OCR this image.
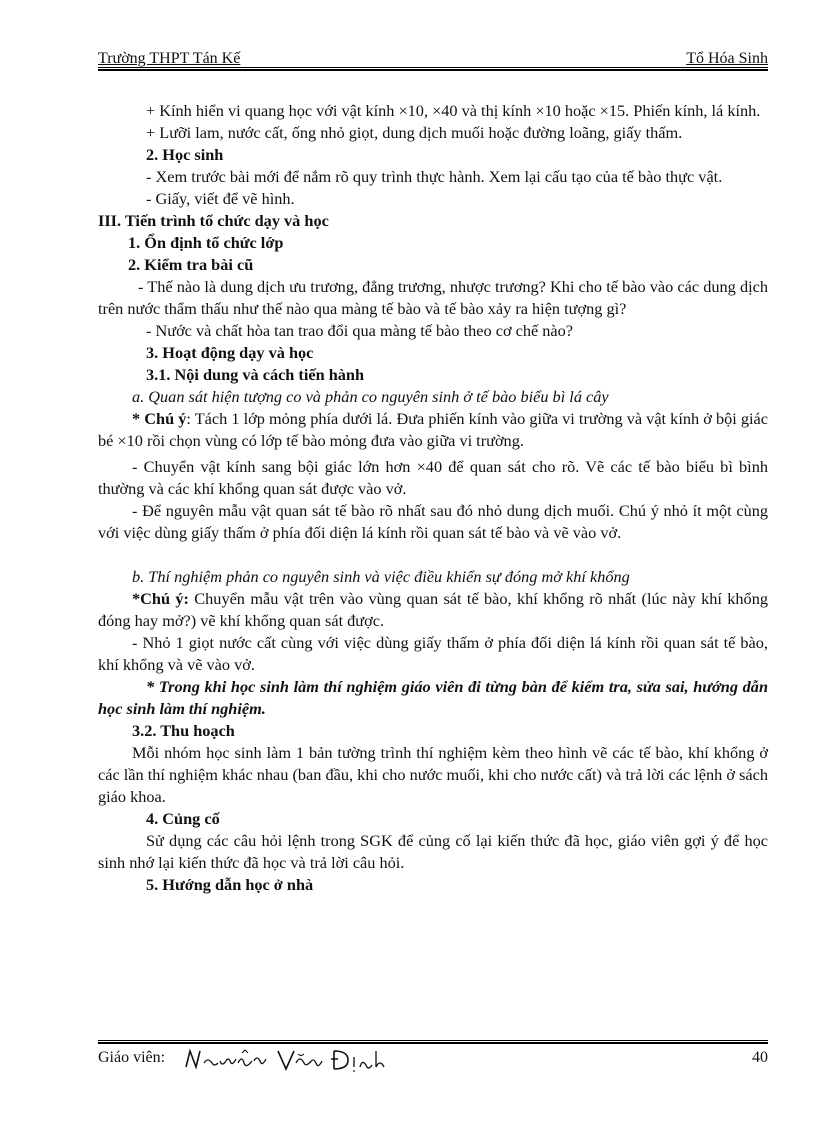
Trường THPT Tán Kế	Tổ Hóa Sinh

+ Kính hiển vi quang học với vật kính ×10, ×40 và thị kính ×10 hoặc ×15. Phiến kính, lá kính.

+ Lưỡi lam, nước cất, ống nhỏ giọt, dung dịch muối hoặc đường loãng, giấy thấm.

2. Học sinh

- Xem trước bài mới để nắm rõ quy trình thực hành. Xem lại cấu tạo của tế bào thực vật.

- Giấy, viết để vẽ hình.

III. Tiến trình tổ chức dạy và học

1. Ổn định tổ chức lớp

2. Kiểm tra bài cũ

- Thế nào là dung dịch ưu trương, đẳng trương, nhược trương? Khi cho tế bào vào các dung dịch trên nước thẩm thấu như thế nào qua màng tế bào và tế bào xảy ra hiện tượng gì?

- Nước và chất hòa tan trao đổi qua màng tế bào theo cơ chế nào?

3. Hoạt động dạy và học

3.1. Nội dung và cách tiến hành

a. Quan sát hiện tượng co và phản co nguyên sinh ở tế bào biểu bì lá cây

* Chú ý: Tách 1 lớp mỏng phía dưới lá. Đưa phiến kính vào giữa vi trường và vật kính ở bội giác bé ×10 rồi chọn vùng có lớp tế bào mỏng đưa vào giữa vi trường.

- Chuyển vật kính sang bội giác lớn hơn ×40 để quan sát cho rõ. Vẽ các tế bào biểu bì bình thường và các khí khổng quan sát được vào vở.

- Để nguyên mẫu vật quan sát tế bào rõ nhất sau đó nhỏ dung dịch muối. Chú ý nhỏ ít một cùng với việc dùng giấy thấm ở phía đối diện lá kính rồi quan sát tế bào và vẽ vào vở.

b. Thí nghiệm phản co nguyên sinh và việc điều khiển sự đóng mở khí khổng

*Chú ý: Chuyển mẫu vật trên vào vùng quan sát tế bào, khí khổng rõ nhất (lúc này khí khổng đóng hay mở?) vẽ khí khổng quan sát được.

- Nhỏ 1 giọt nước cất cùng với việc dùng giấy thấm ở phía đối diện lá kính rồi quan sát tế bào, khí khổng và vẽ vào vở.

* Trong khi học sinh làm thí nghiệm giáo viên đi từng bàn để kiểm tra, sửa sai, hướng dẫn học sinh làm thí nghiệm.

3.2. Thu hoạch

Mỗi nhóm học sinh làm 1 bản tường trình thí nghiệm kèm theo hình vẽ các tế bào, khí khổng ở các lần thí nghiệm khác nhau (ban đầu, khi cho nước muối, khi cho nước cất) và trả lời các lệnh ở sách giáo khoa.

4. Củng cố

Sử dụng các câu hỏi lệnh trong SGK để củng cố lại kiến thức đã học, giáo viên gợi ý để học sinh nhớ lại kiến thức đã học và trả lời câu hỏi.

5. Hướng dẫn học ở nhà

Giáo viên:	40
